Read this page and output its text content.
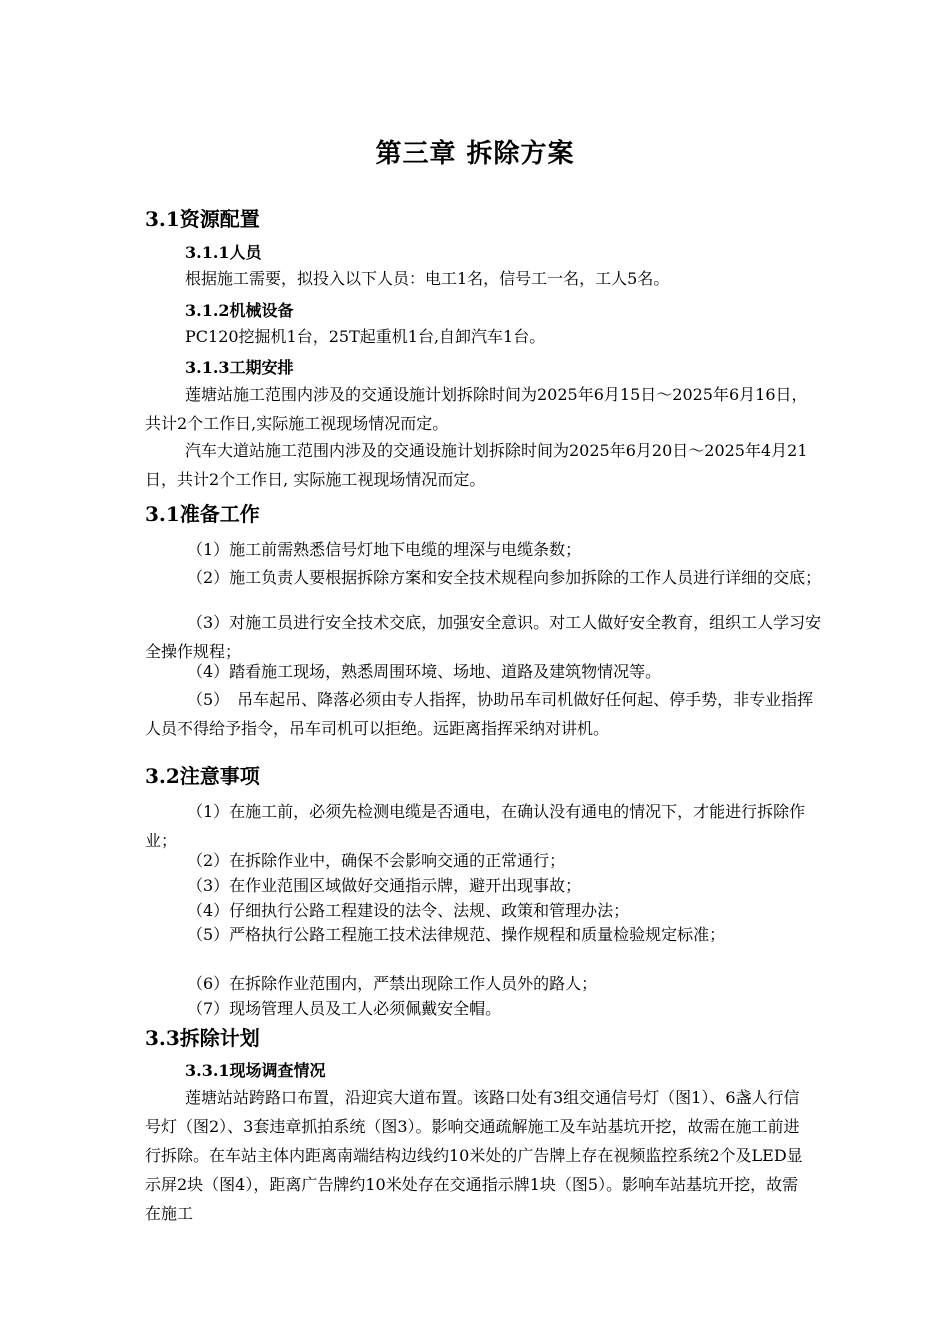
第三章 拆除方案
3.1资源配置
3.1.1人员
根据施工需要，拟投入以下人员：电工1名，信号工一名，工人5名。
3.1.2机械设备
PC120挖掘机1台，25T起重机1台,自卸汽车1台。
3.1.3工期安排
莲塘站施工范围内涉及的交通设施计划拆除时间为2025年6月15日～2025年6月16日，共计2个工作日,实际施工视现场情况而定。
汽车大道站施工范围内涉及的交通设施计划拆除时间为2025年6月20日～2025年4月21日，共计2个工作日, 实际施工视现场情况而定。
3.1准备工作
（1）施工前需熟悉信号灯地下电缆的埋深与电缆条数；
（2）施工负责人要根据拆除方案和安全技术规程向参加拆除的工作人员进行详细的交底；
（3）对施工员进行安全技术交底，加强安全意识。对工人做好安全教育，组织工人学习安全操作规程；
（4）踏看施工现场，熟悉周围环境、场地、道路及建筑物情况等。
（5）　吊车起吊、降落必须由专人指挥，协助吊车司机做好任何起、停手势，非专业指挥人员不得给予指令，吊车司机可以拒绝。远距离指挥采纳对讲机。
3.2注意事项
（1）在施工前，必须先检测电缆是否通电，在确认没有通电的情况下，才能进行拆除作业；
（2）在拆除作业中，确保不会影响交通的正常通行；
（3）在作业范围区域做好交通指示牌，避开出现事故；
（4）仔细执行公路工程建设的法令、法规、政策和管理办法；
（5）严格执行公路工程施工技术法律规范、操作规程和质量检验规定标准；
（6）在拆除作业范围内，严禁出现除工作人员外的路人；
（7）现场管理人员及工人必须佩戴安全帽。
3.3拆除计划
3.3.1现场调查情况
莲塘站站跨路口布置，沿迎宾大道布置。该路口处有3组交通信号灯（图1）、6盏人行信号灯（图2）、3套违章抓拍系统（图3）。影响交通疏解施工及车站基坑开挖，故需在施工前进行拆除。在车站主体内距离南端结构边线约10米处的广告牌上存在视频监控系统2个及LED显示屏2块（图4），距离广告牌约10米处存在交通指示牌1块（图5）。影响车站基坑开挖，故需在施工
